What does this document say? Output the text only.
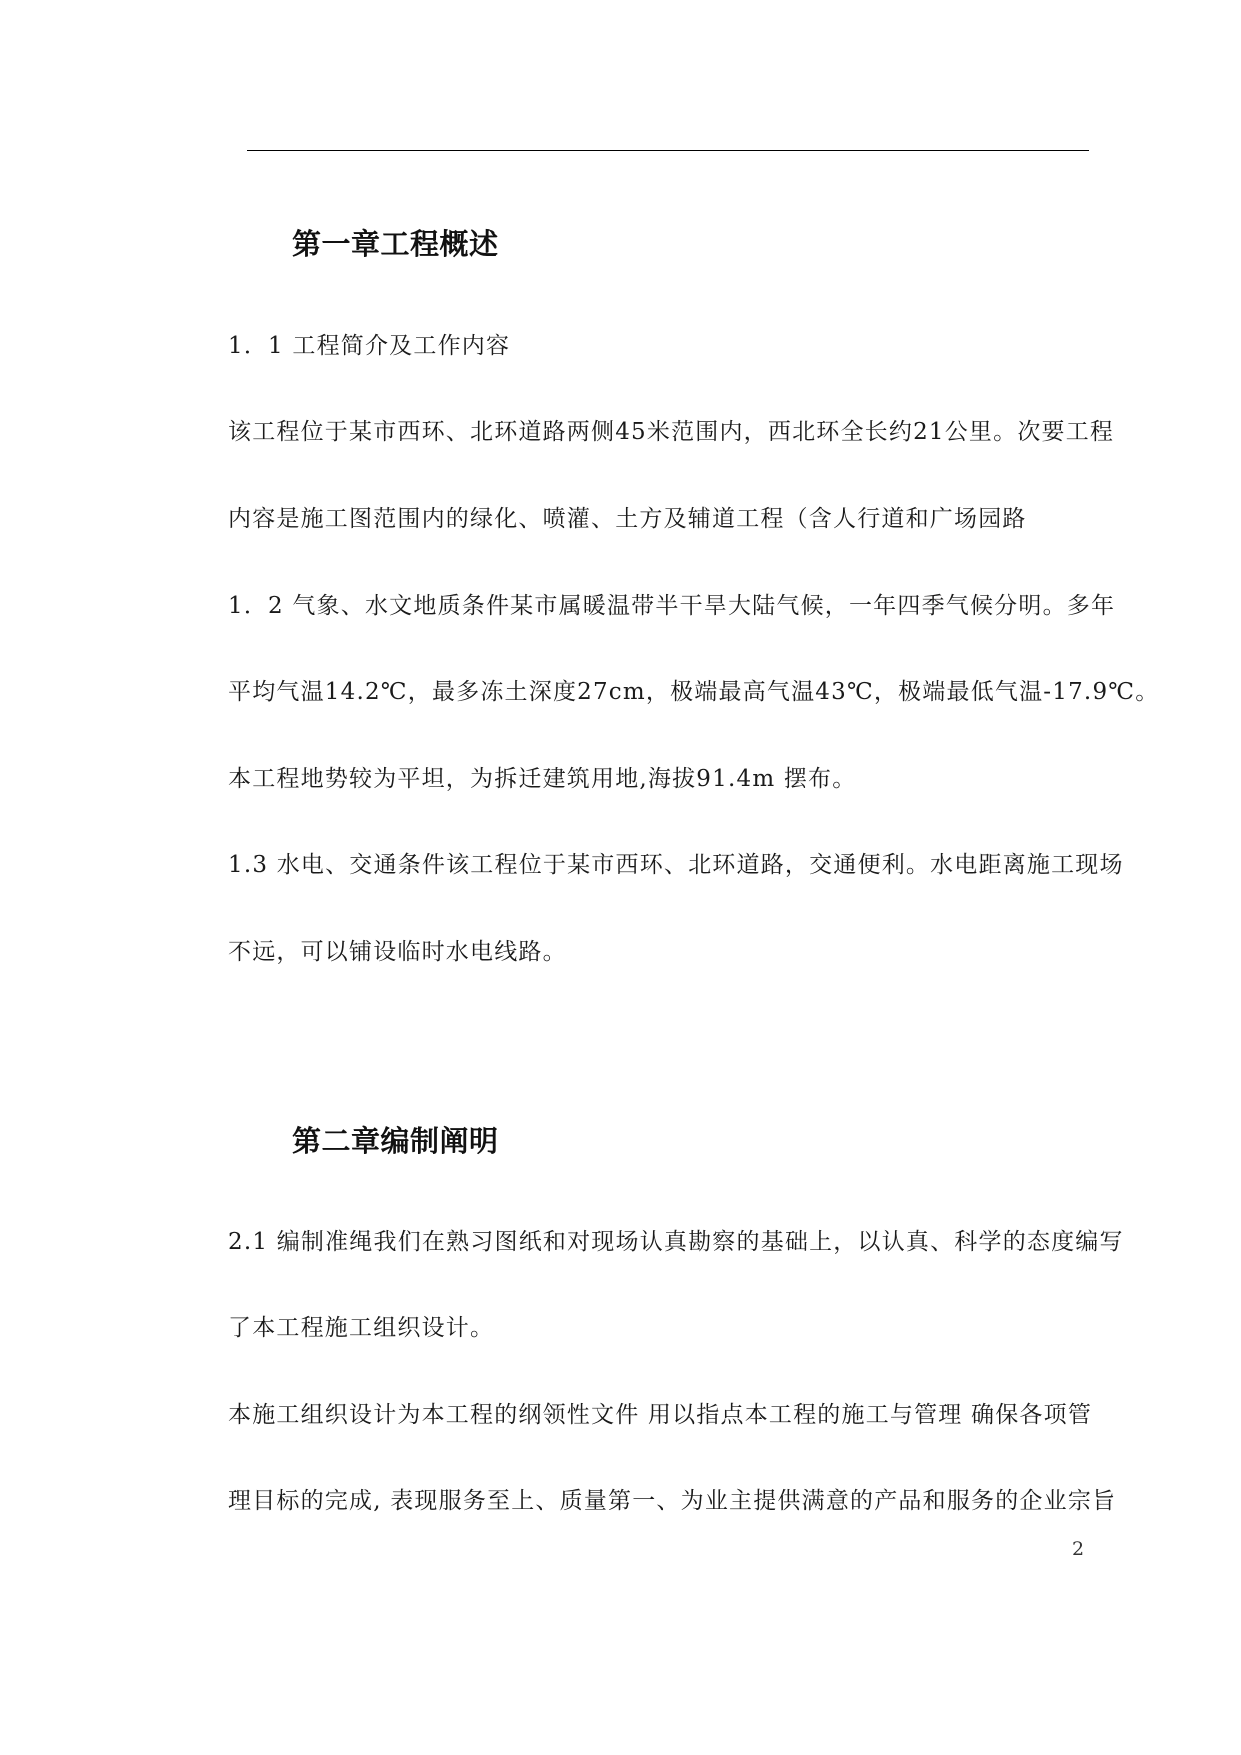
第一章工程概述
1．1 工程简介及工作内容
该工程位于某市西环、北环道路两侧45米范围内，西北环全长约21公里。次要工程
内容是施工图范围内的绿化、喷灌、土方及辅道工程（含人行道和广场园路
1．2 气象、水文地质条件某市属暖温带半干旱大陆气候，一年四季气候分明。多年
平均气温14.2℃，最多冻土深度27cm，极端最高气温43℃，极端最低气温-17.9℃。
本工程地势较为平坦，为拆迁建筑用地,海拔91.4m 摆布。
1.3 水电、交通条件该工程位于某市西环、北环道路，交通便利。水电距离施工现场
不远，可以铺设临时水电线路。
第二章编制阐明
2.1 编制准绳我们在熟习图纸和对现场认真勘察的基础上，以认真、科学的态度编写
了本工程施工组织设计。
本施工组织设计为本工程的纲领性文件 用以指点本工程的施工与管理 确保各项管
理目标的完成, 表现服务至上、质量第一、为业主提供满意的产品和服务的企业宗旨
2
